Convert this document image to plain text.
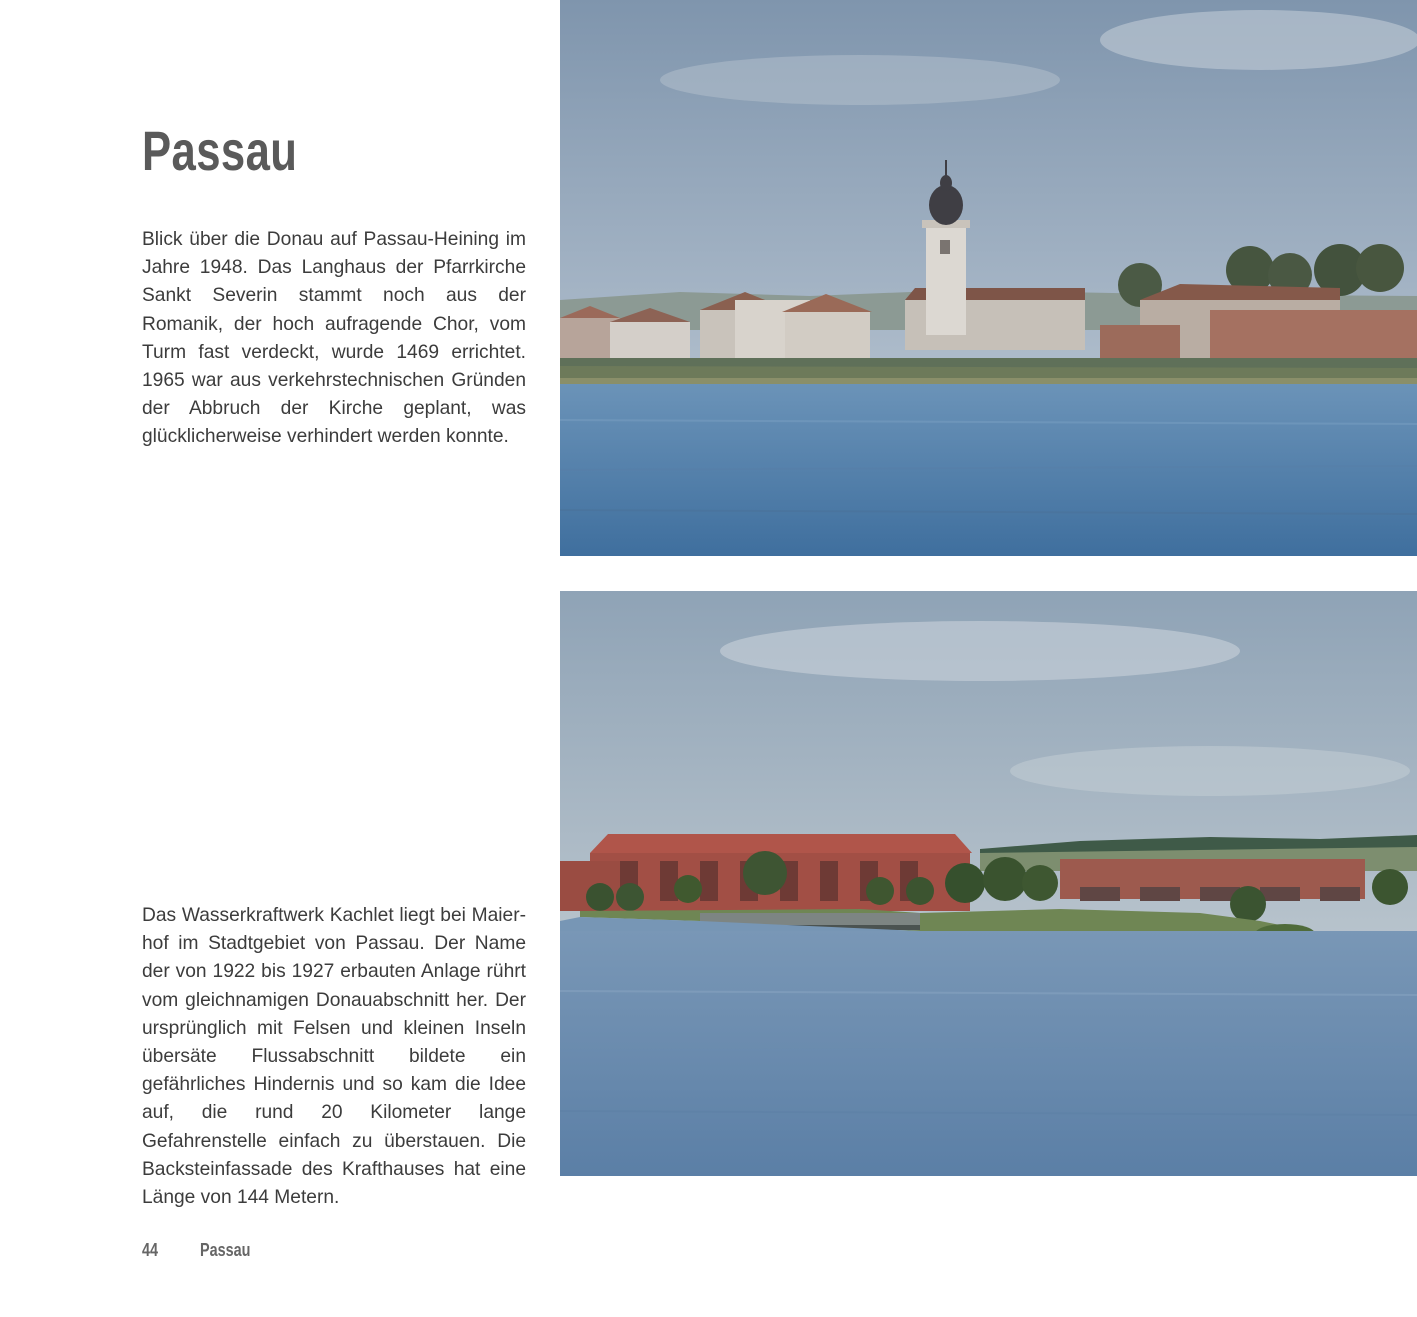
Passau

Blick über die Donau auf Passau-Heining im Jahre 1948. Das Langhaus der Pfarrkirche Sankt Severin stammt noch aus der Romanik, der hoch aufragende Chor, vom Turm fast verdeckt, wurde 1469 errichtet. 1965 war aus verkehrstechnischen Gründen der Abbruch der Kirche geplant, was glücklicherweise verhindert werden konnte.

Das Wasserkraftwerk Kachlet liegt bei Maierhof im Stadtgebiet von Passau. Der Name der von 1922 bis 1927 erbauten Anlage rührt vom gleichnamigen Donauabschnitt her. Der ursprünglich mit Felsen und kleinen Inseln übersäte Flussabschnitt bildete ein gefährliches Hindernis und so kam die Idee auf, die rund 20 Kilometer lange Gefahrenstelle einfach zu überstauen. Die Backsteinfassade des Krafthauses hat eine Länge von 144 Metern.

44 Passau
